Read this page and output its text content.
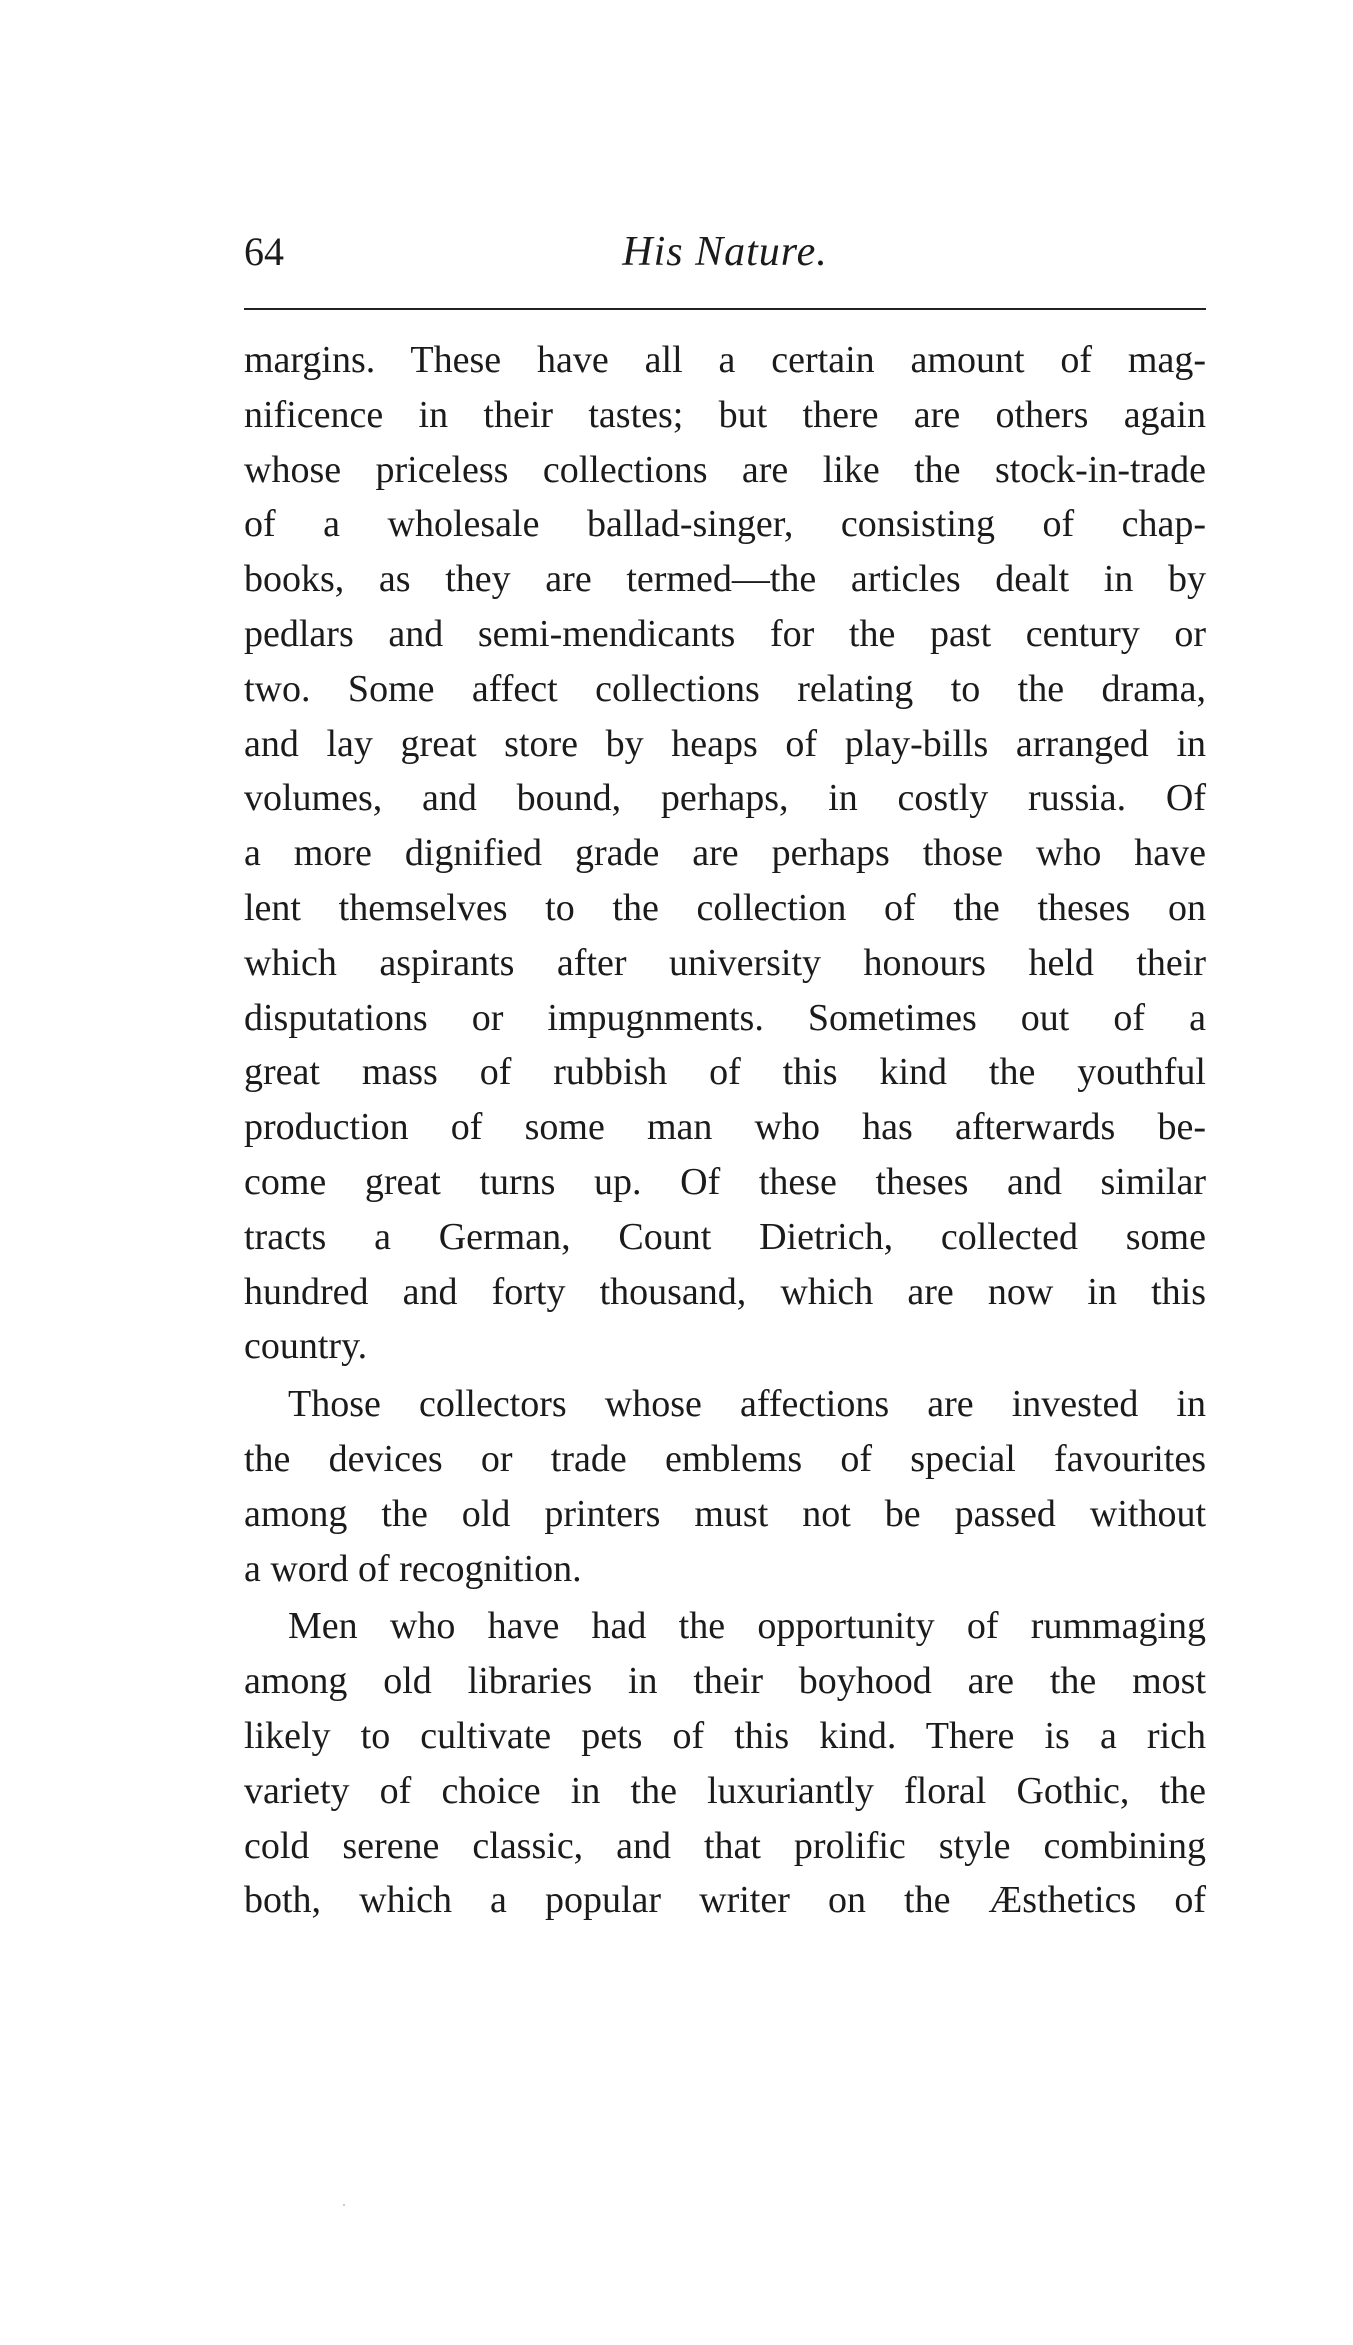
64	His Nature.
margins. These have all a certain amount of mag-
nificence in their tastes; but there are others again
whose priceless collections are like the stock-in-trade
of a wholesale ballad-singer, consisting of chap-
books, as they are termed—the articles dealt in by
pedlars and semi-mendicants for the past century or
two. Some affect collections relating to the drama,
and lay great store by heaps of play-bills arranged in
volumes, and bound, perhaps, in costly russia. Of
a more dignified grade are perhaps those who have
lent themselves to the collection of the theses on
which aspirants after university honours held their
disputations or impugnments. Sometimes out of a
great mass of rubbish of this kind the youthful
production of some man who has afterwards be-
come great turns up. Of these theses and similar
tracts a German, Count Dietrich, collected some
hundred and forty thousand, which are now in this
country.
Those collectors whose affections are invested in
the devices or trade emblems of special favourites
among the old printers must not be passed without
a word of recognition.
Men who have had the opportunity of rummaging
among old libraries in their boyhood are the most
likely to cultivate pets of this kind. There is a rich
variety of choice in the luxuriantly floral Gothic, the
cold serene classic, and that prolific style combining
both, which a popular writer on the Æsthetics of
